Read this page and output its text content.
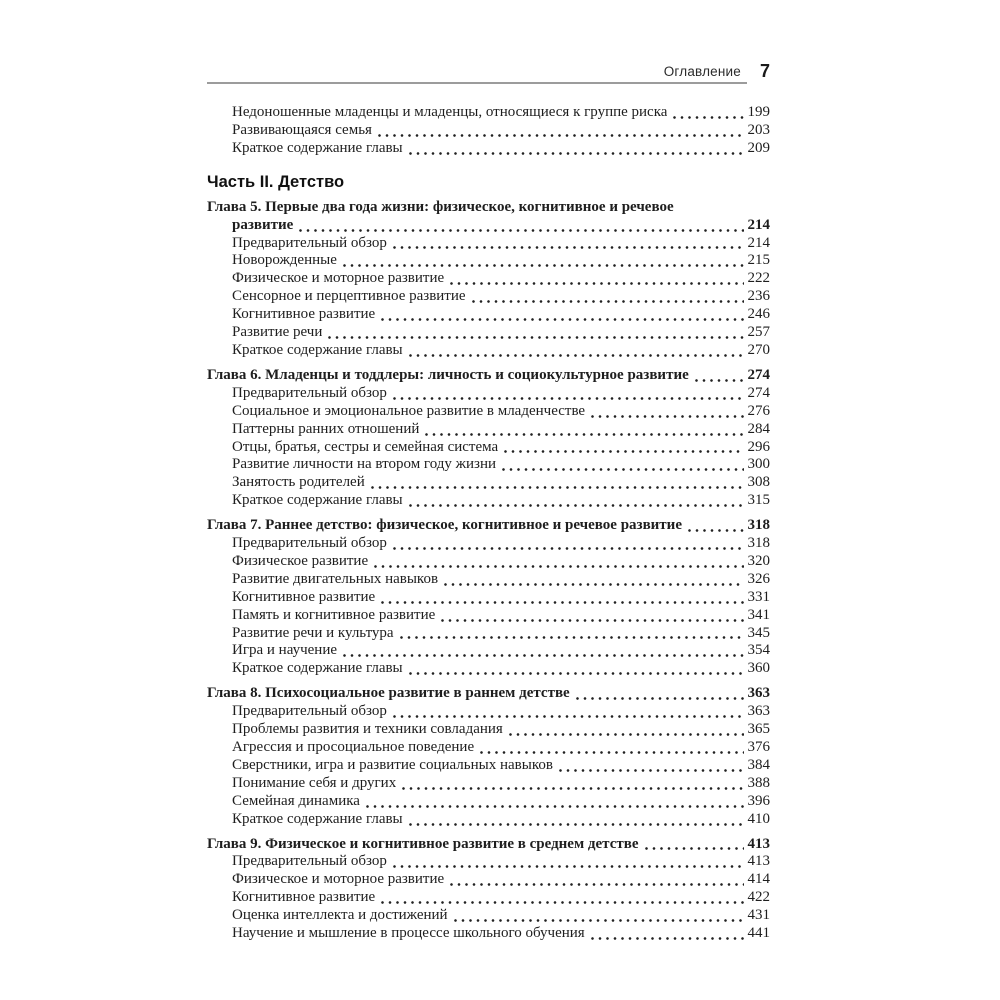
Оглавление	7
Недоношенные младенцы и младенцы, относящиеся к группе риска	199
Развивающаяся семья	203
Краткое содержание главы	209
Часть II. Детство
Глава 5. Первые два года жизни: физическое, когнитивное и речевое
развитие	214
Предварительный обзор	214
Новорожденные	215
Физическое и моторное развитие	222
Сенсорное и перцептивное развитие	236
Когнитивное развитие	246
Развитие речи	257
Краткое содержание главы	270
Глава 6. Младенцы и тоддлеры: личность и социокультурное развитие	274
Предварительный обзор	274
Социальное и эмоциональное развитие в младенчестве	276
Паттерны ранних отношений	284
Отцы, братья, сестры и семейная система	296
Развитие личности на втором году жизни	300
Занятость родителей	308
Краткое содержание главы	315
Глава 7. Раннее детство: физическое, когнитивное и речевое развитие	318
Предварительный обзор	318
Физическое развитие	320
Развитие двигательных навыков	326
Когнитивное развитие	331
Память и когнитивное развитие	341
Развитие речи и культура	345
Игра и научение	354
Краткое содержание главы	360
Глава 8. Психосоциальное развитие в раннем детстве	363
Предварительный обзор	363
Проблемы развития и техники совладания	365
Агрессия и просоциальное поведение	376
Сверстники, игра и развитие социальных навыков	384
Понимание себя и других	388
Семейная динамика	396
Краткое содержание главы	410
Глава 9. Физическое и когнитивное развитие в среднем детстве	413
Предварительный обзор	413
Физическое и моторное развитие	414
Когнитивное развитие	422
Оценка интеллекта и достижений	431
Научение и мышление в процессе школьного обучения	441
